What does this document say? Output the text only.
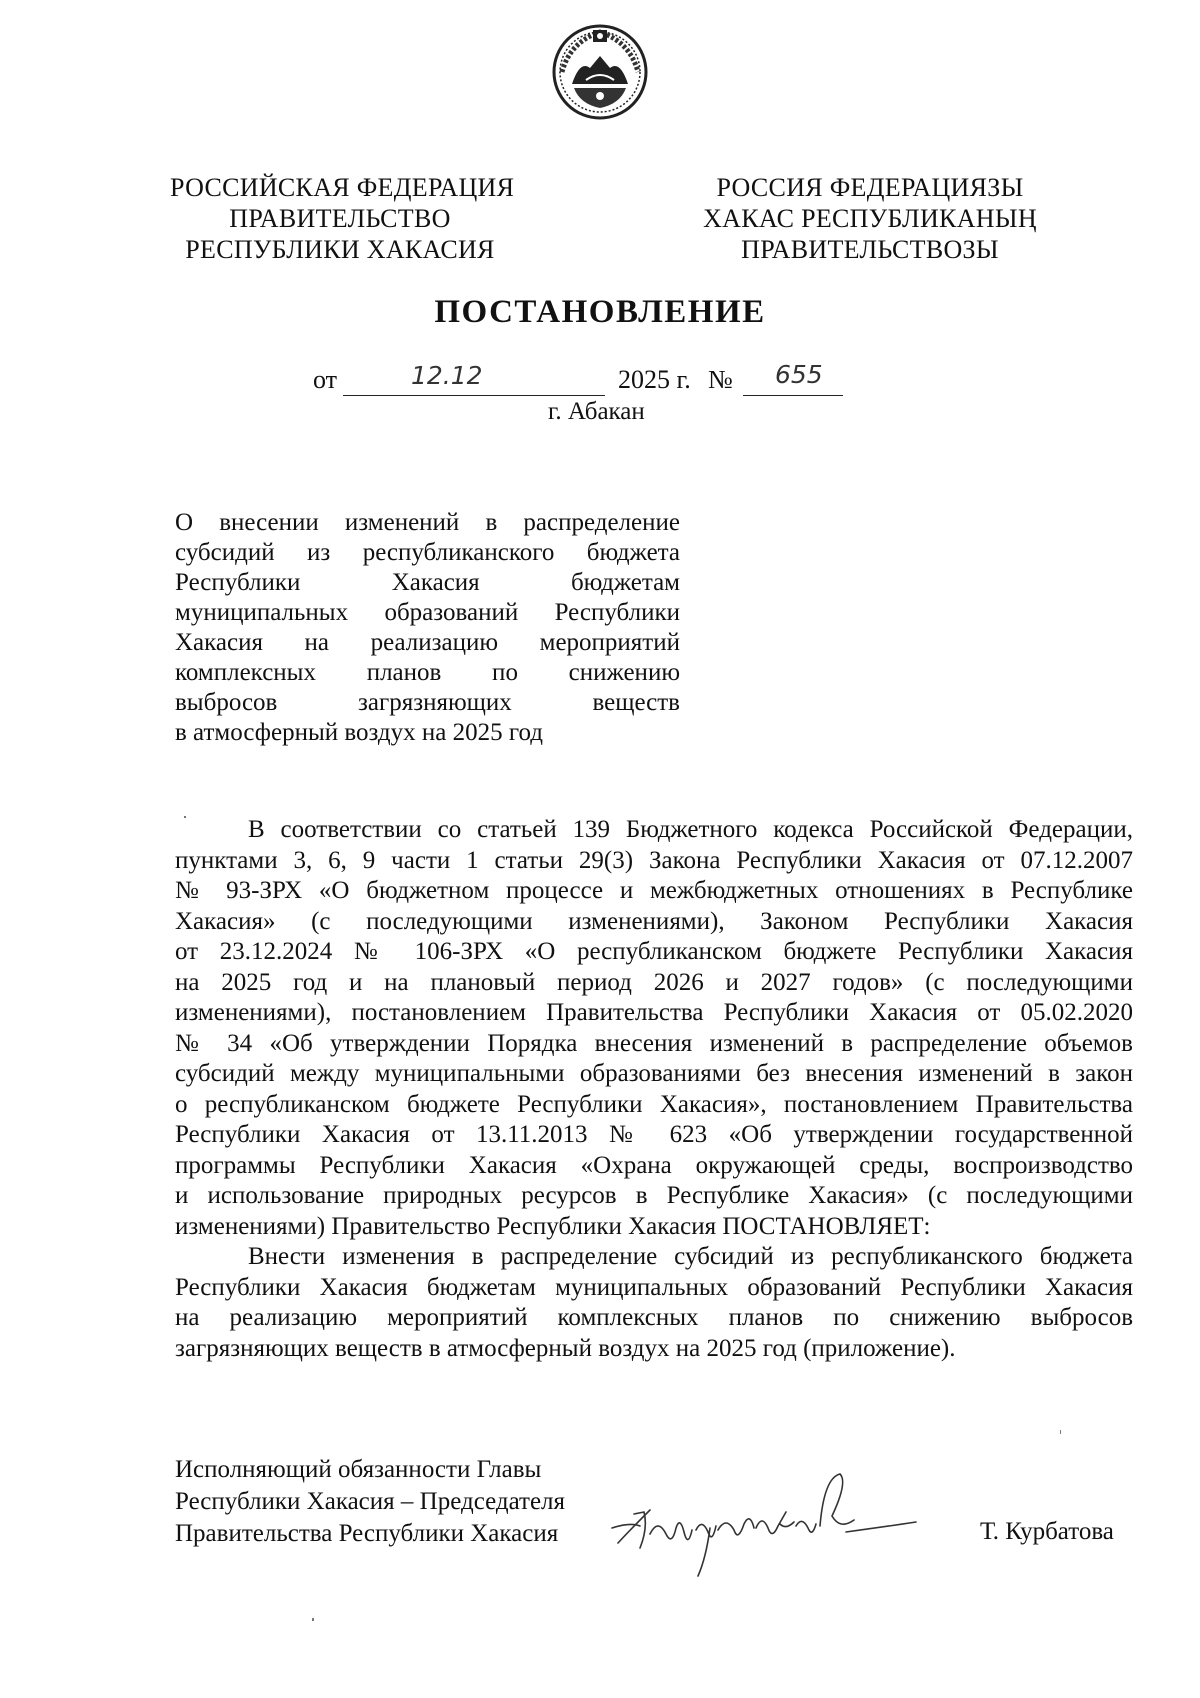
РОССИЙСКАЯ ФЕДЕРАЦИЯ
ПРАВИТЕЛЬСТВО
РЕСПУБЛИКИ ХАКАСИЯ
РОССИЯ ФЕДЕРАЦИЯЗЫ
ХАКАС РЕСПУБЛИКАНЫҢ
ПРАВИТЕЛЬСТВОЗЫ
ПОСТАНОВЛЕНИЕ
от	12.12	2025 г. № 655
г. Абакан
О внесении изменений в распределение
субсидий из республиканского бюджета
Республики Хакасия бюджетам
муниципальных образований Республики
Хакасия на реализацию мероприятий
комплексных планов по снижению
выбросов загрязняющих веществ
в атмосферный воздух на 2025 год
В соответствии со статьей 139 Бюджетного кодекса Российской Федерации,
пунктами 3, 6, 9 части 1 статьи 29(3) Закона Республики Хакасия от 07.12.2007
№ 93-ЗРХ «О бюджетном процессе и межбюджетных отношениях в Республике
Хакасия» (с последующими изменениями), Законом Республики Хакасия
от 23.12.2024 № 106-ЗРХ «О республиканском бюджете Республики Хакасия
на 2025 год и на плановый период 2026 и 2027 годов» (с последующими
изменениями), постановлением Правительства Республики Хакасия от 05.02.2020
№ 34 «Об утверждении Порядка внесения изменений в распределение объемов
субсидий между муниципальными образованиями без внесения изменений в закон
о республиканском бюджете Республики Хакасия», постановлением Правительства
Республики Хакасия от 13.11.2013 № 623 «Об утверждении государственной
программы Республики Хакасия «Охрана окружающей среды, воспроизводство
и использование природных ресурсов в Республике Хакасия» (с последующими
изменениями) Правительство Республики Хакасия ПОСТАНОВЛЯЕТ:
Внести изменения в распределение субсидий из республиканского бюджета
Республики Хакасия бюджетам муниципальных образований Республики Хакасия
на реализацию мероприятий комплексных планов по снижению выбросов
загрязняющих веществ в атмосферный воздух на 2025 год (приложение).
Исполняющий обязанности Главы
Республики Хакасия – Председателя
Правительства Республики Хакасия	Т. Курбатова
